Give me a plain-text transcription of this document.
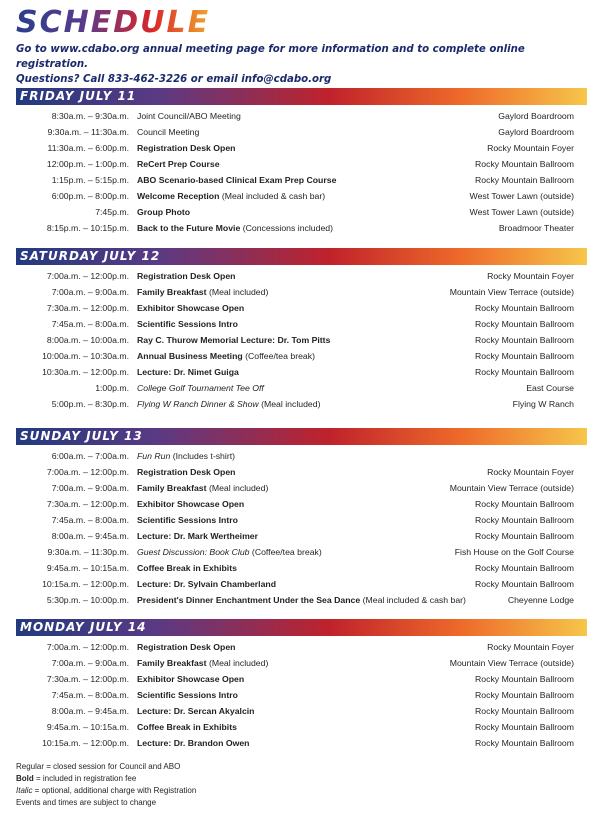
SCHEDULE
Go to www.cdabo.org annual meeting page for more information and to complete online registration.
Questions? Call 833-462-3226 or email info@cdabo.org
FRIDAY JULY 11
8:30a.m. – 9:30a.m. Joint Council/ABO Meeting	Gaylord Boardroom
9:30a.m. – 11:30a.m. Council Meeting	Gaylord Boardroom
11:30a.m. – 6:00p.m. Registration Desk Open	Rocky Mountain Foyer
12:00p.m. – 1:00p.m. ReCert Prep Course	Rocky Mountain Ballroom
1:15p.m. – 5:15p.m. ABO Scenario-based Clinical Exam Prep Course	Rocky Mountain Ballroom
6:00p.m. – 8:00p.m. Welcome Reception (Meal included & cash bar)	West Tower Lawn (outside)
7:45p.m. Group Photo	West Tower Lawn (outside)
8:15p.m. – 10:15p.m. Back to the Future Movie (Concessions included)	Broadmoor Theater
SATURDAY JULY 12
7:00a.m. – 12:00p.m. Registration Desk Open	Rocky Mountain Foyer
7:00a.m. – 9:00a.m. Family Breakfast (Meal included)	Mountain View Terrace (outside)
7:30a.m. – 12:00p.m. Exhibitor Showcase Open	Rocky Mountain Ballroom
7:45a.m. – 8:00a.m. Scientific Sessions Intro	Rocky Mountain Ballroom
8:00a.m. – 10:00a.m. Ray C. Thurow Memorial Lecture: Dr. Tom Pitts	Rocky Mountain Ballroom
10:00a.m. – 10:30a.m. Annual Business Meeting (Coffee/tea break)	Rocky Mountain Ballroom
10:30a.m. – 12:00p.m. Lecture: Dr. Nimet Guiga	Rocky Mountain Ballroom
1:00p.m. College Golf Tournament Tee Off	East Course
5:00p.m. – 8:30p.m. Flying W Ranch Dinner & Show (Meal included)	Flying W Ranch
SUNDAY JULY 13
6:00a.m. – 7:00a.m. Fun Run (Includes t-shirt)
7:00a.m. – 12:00p.m. Registration Desk Open	Rocky Mountain Foyer
7:00a.m. – 9:00a.m. Family Breakfast (Meal included)	Mountain View Terrace (outside)
7:30a.m. – 12:00p.m. Exhibitor Showcase Open	Rocky Mountain Ballroom
7:45a.m. – 8:00a.m. Scientific Sessions Intro	Rocky Mountain Ballroom
8:00a.m. – 9:45a.m. Lecture: Dr. Mark Wertheimer	Rocky Mountain Ballroom
9:30a.m. – 11:30p.m. Guest Discussion: Book Club (Coffee/tea break)	Fish House on the Golf Course
9:45a.m. – 10:15a.m. Coffee Break in Exhibits	Rocky Mountain Ballroom
10:15a.m. – 12:00p.m. Lecture: Dr. Sylvain Chamberland	Rocky Mountain Ballroom
5:30p.m. – 10:00p.m. President's Dinner Enchantment Under the Sea Dance (Meal included & cash bar)	Cheyenne Lodge
MONDAY JULY 14
7:00a.m. – 12:00p.m. Registration Desk Open	Rocky Mountain Foyer
7:00a.m. – 9:00a.m. Family Breakfast (Meal included)	Mountain View Terrace (outside)
7:30a.m. – 12:00p.m. Exhibitor Showcase Open	Rocky Mountain Ballroom
7:45a.m. – 8:00a.m. Scientific Sessions Intro	Rocky Mountain Ballroom
8:00a.m. – 9:45a.m. Lecture: Dr. Sercan Akyalcin	Rocky Mountain Ballroom
9:45a.m. – 10:15a.m. Coffee Break in Exhibits	Rocky Mountain Ballroom
10:15a.m. – 12:00p.m. Lecture: Dr. Brandon Owen	Rocky Mountain Ballroom
Regular = closed session for Council and ABO
Bold = included in registration fee
Italic = optional, additional charge with Registration
Events and times are subject to change
